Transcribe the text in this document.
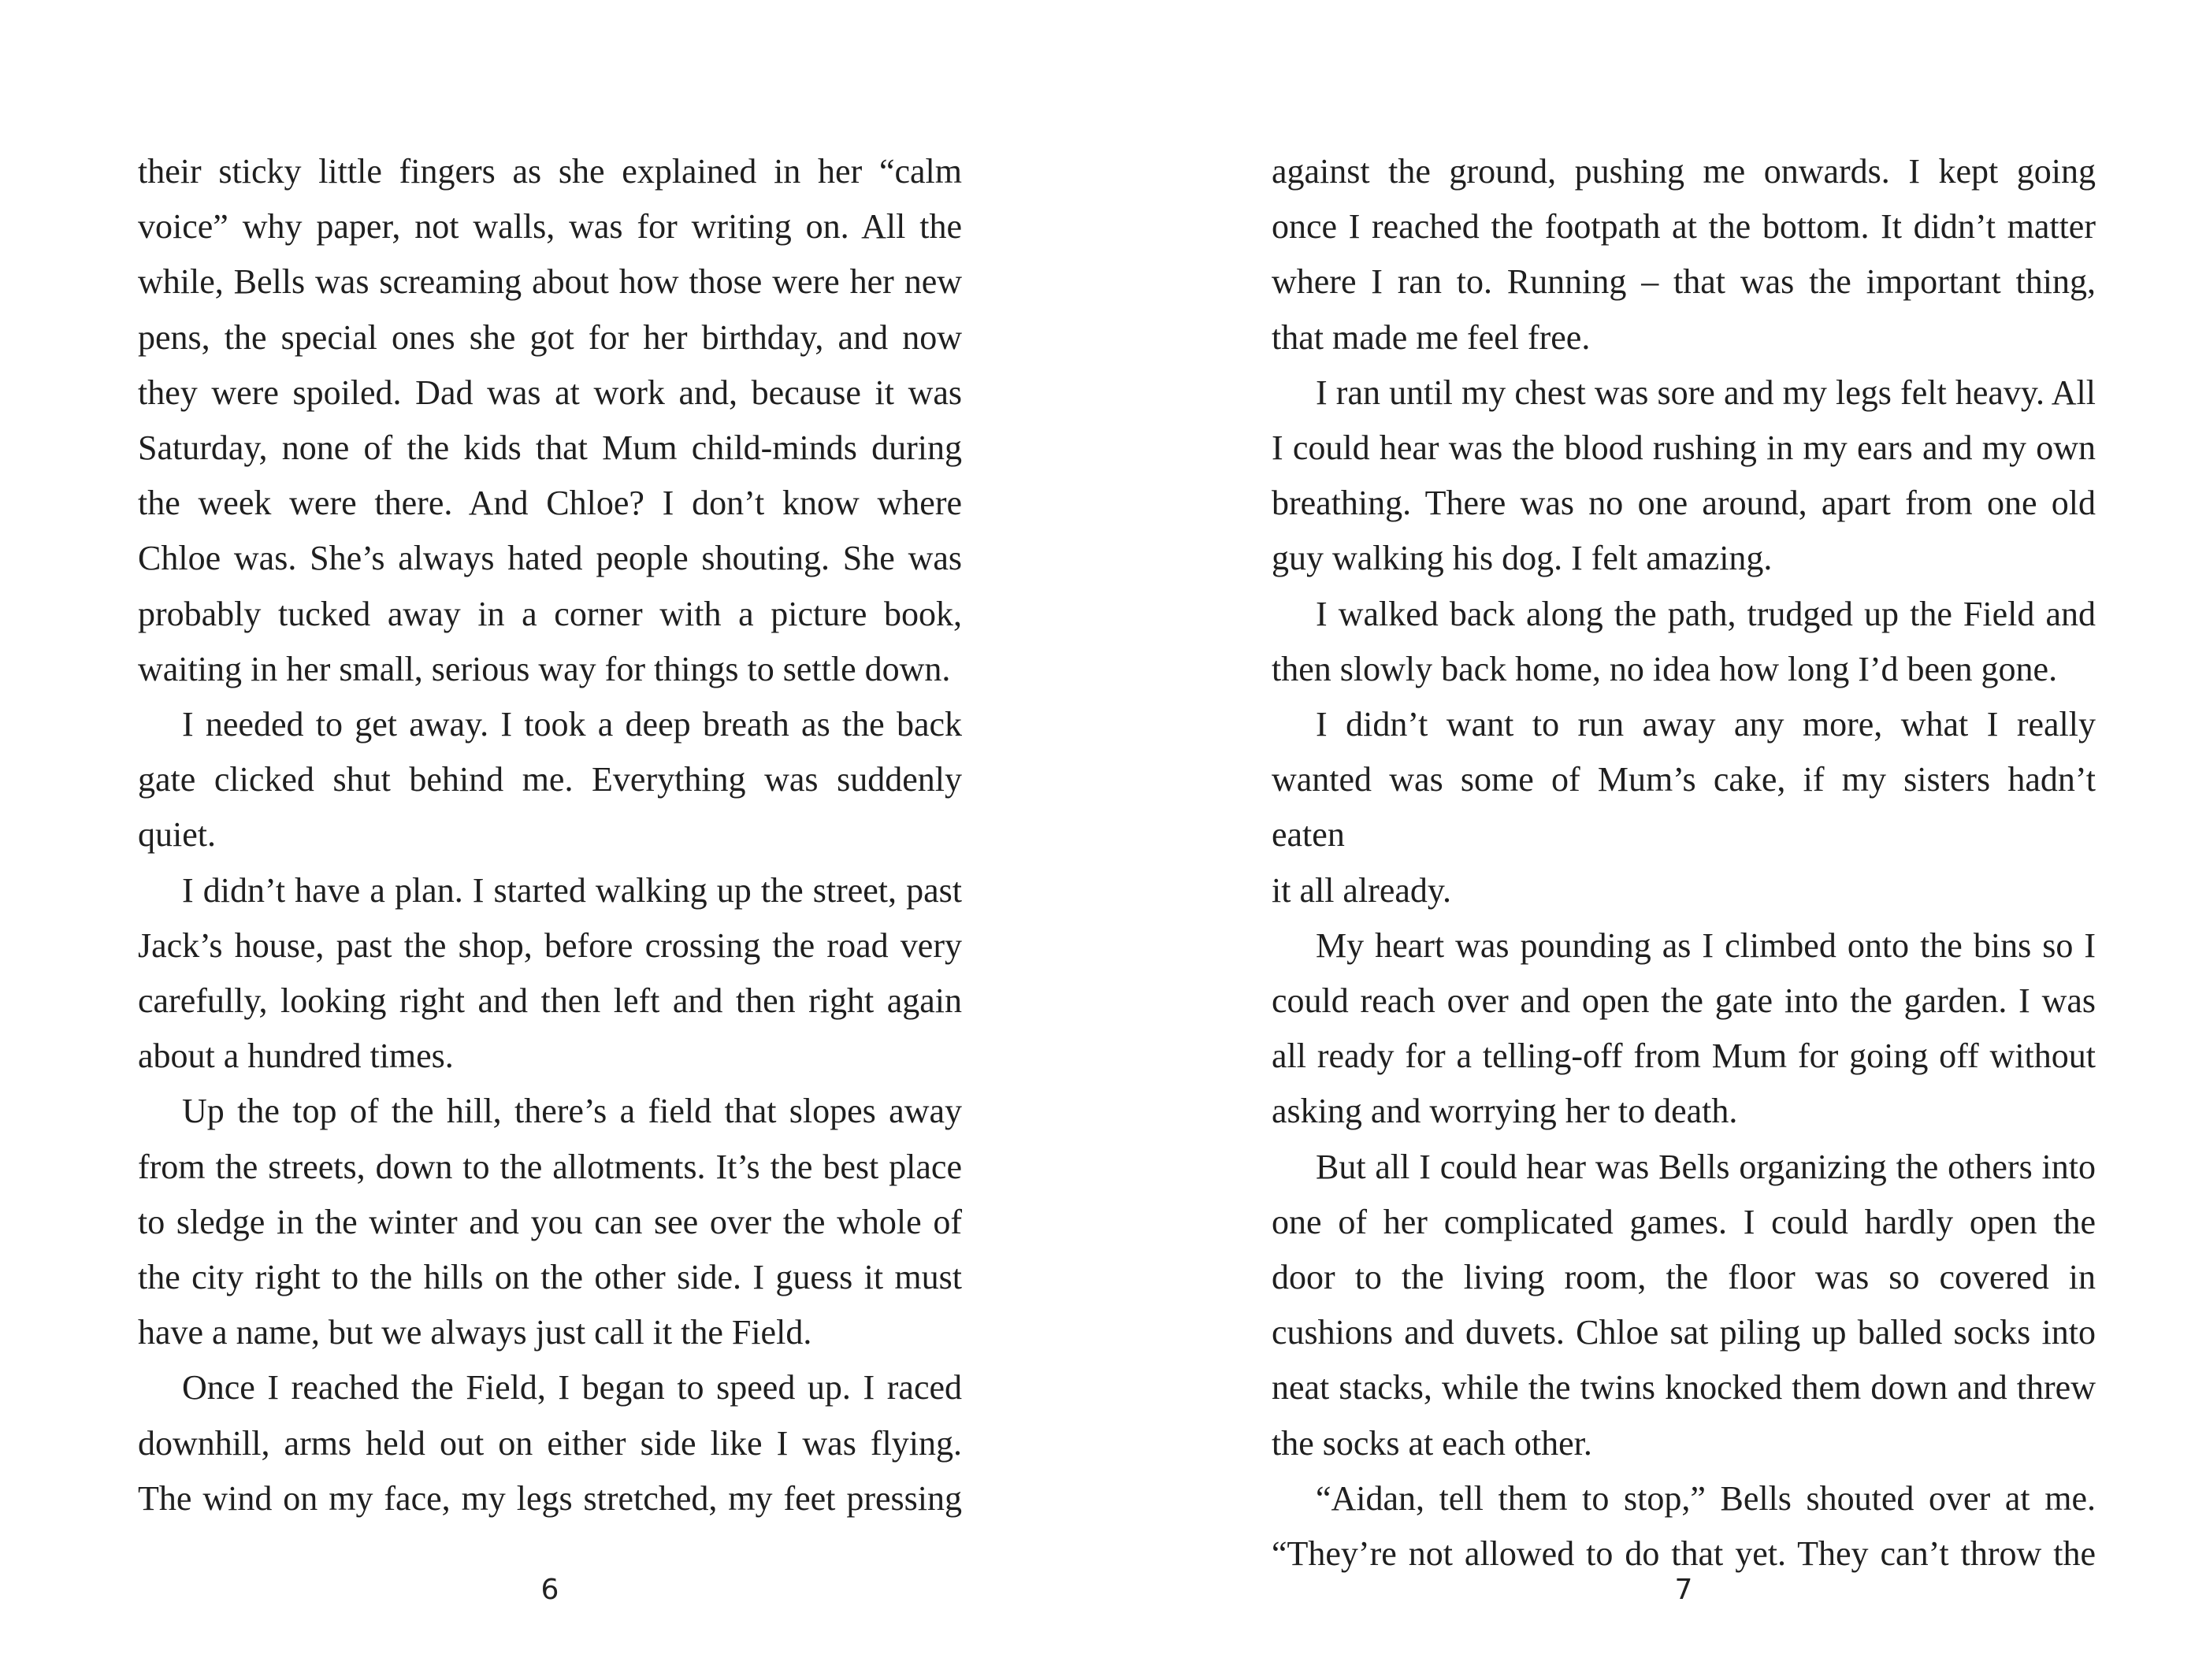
their sticky little fingers as she explained in her “calm
voice” why paper, not walls, was for writing on. All the
while, Bells was screaming about how those were her new
pens, the special ones she got for her birthday, and now
they were spoiled. Dad was at work and, because it was
Saturday, none of the kids that Mum child-minds during
the week were there. And Chloe? I don’t know where
Chloe was. She’s always hated people shouting. She was
probably tucked away in a corner with a picture book,
waiting in her small, serious way for things to settle down.

I needed to get away. I took a deep breath as the back
gate clicked shut behind me. Everything was suddenly
quiet.

I didn’t have a plan. I started walking up the street, past
Jack’s house, past the shop, before crossing the road very
carefully, looking right and then left and then right again
about a hundred times.

Up the top of the hill, there’s a field that slopes away
from the streets, down to the allotments. It’s the best place
to sledge in the winter and you can see over the whole of
the city right to the hills on the other side. I guess it must
have a name, but we always just call it the Field.

Once I reached the Field, I began to speed up. I raced
downhill, arms held out on either side like I was flying.
The wind on my face, my legs stretched, my feet pressing

against the ground, pushing me onwards. I kept going
once I reached the footpath at the bottom. It didn’t matter
where I ran to. Running – that was the important thing,
that made me feel free.

I ran until my chest was sore and my legs felt heavy. All
I could hear was the blood rushing in my ears and my own
breathing. There was no one around, apart from one old
guy walking his dog. I felt amazing.

I walked back along the path, trudged up the Field and
then slowly back home, no idea how long I’d been gone.

I didn’t want to run away any more, what I really
wanted was some of Mum’s cake, if my sisters hadn’t eaten
it all already.

My heart was pounding as I climbed onto the bins so I
could reach over and open the gate into the garden. I was
all ready for a telling-off from Mum for going off without
asking and worrying her to death.

But all I could hear was Bells organizing the others into
one of her complicated games. I could hardly open the
door to the living room, the floor was so covered in
cushions and duvets. Chloe sat piling up balled socks into
neat stacks, while the twins knocked them down and threw
the socks at each other.

“Aidan, tell them to stop,” Bells shouted over at me.
“They’re not allowed to do that yet. They can’t throw the

6	7
